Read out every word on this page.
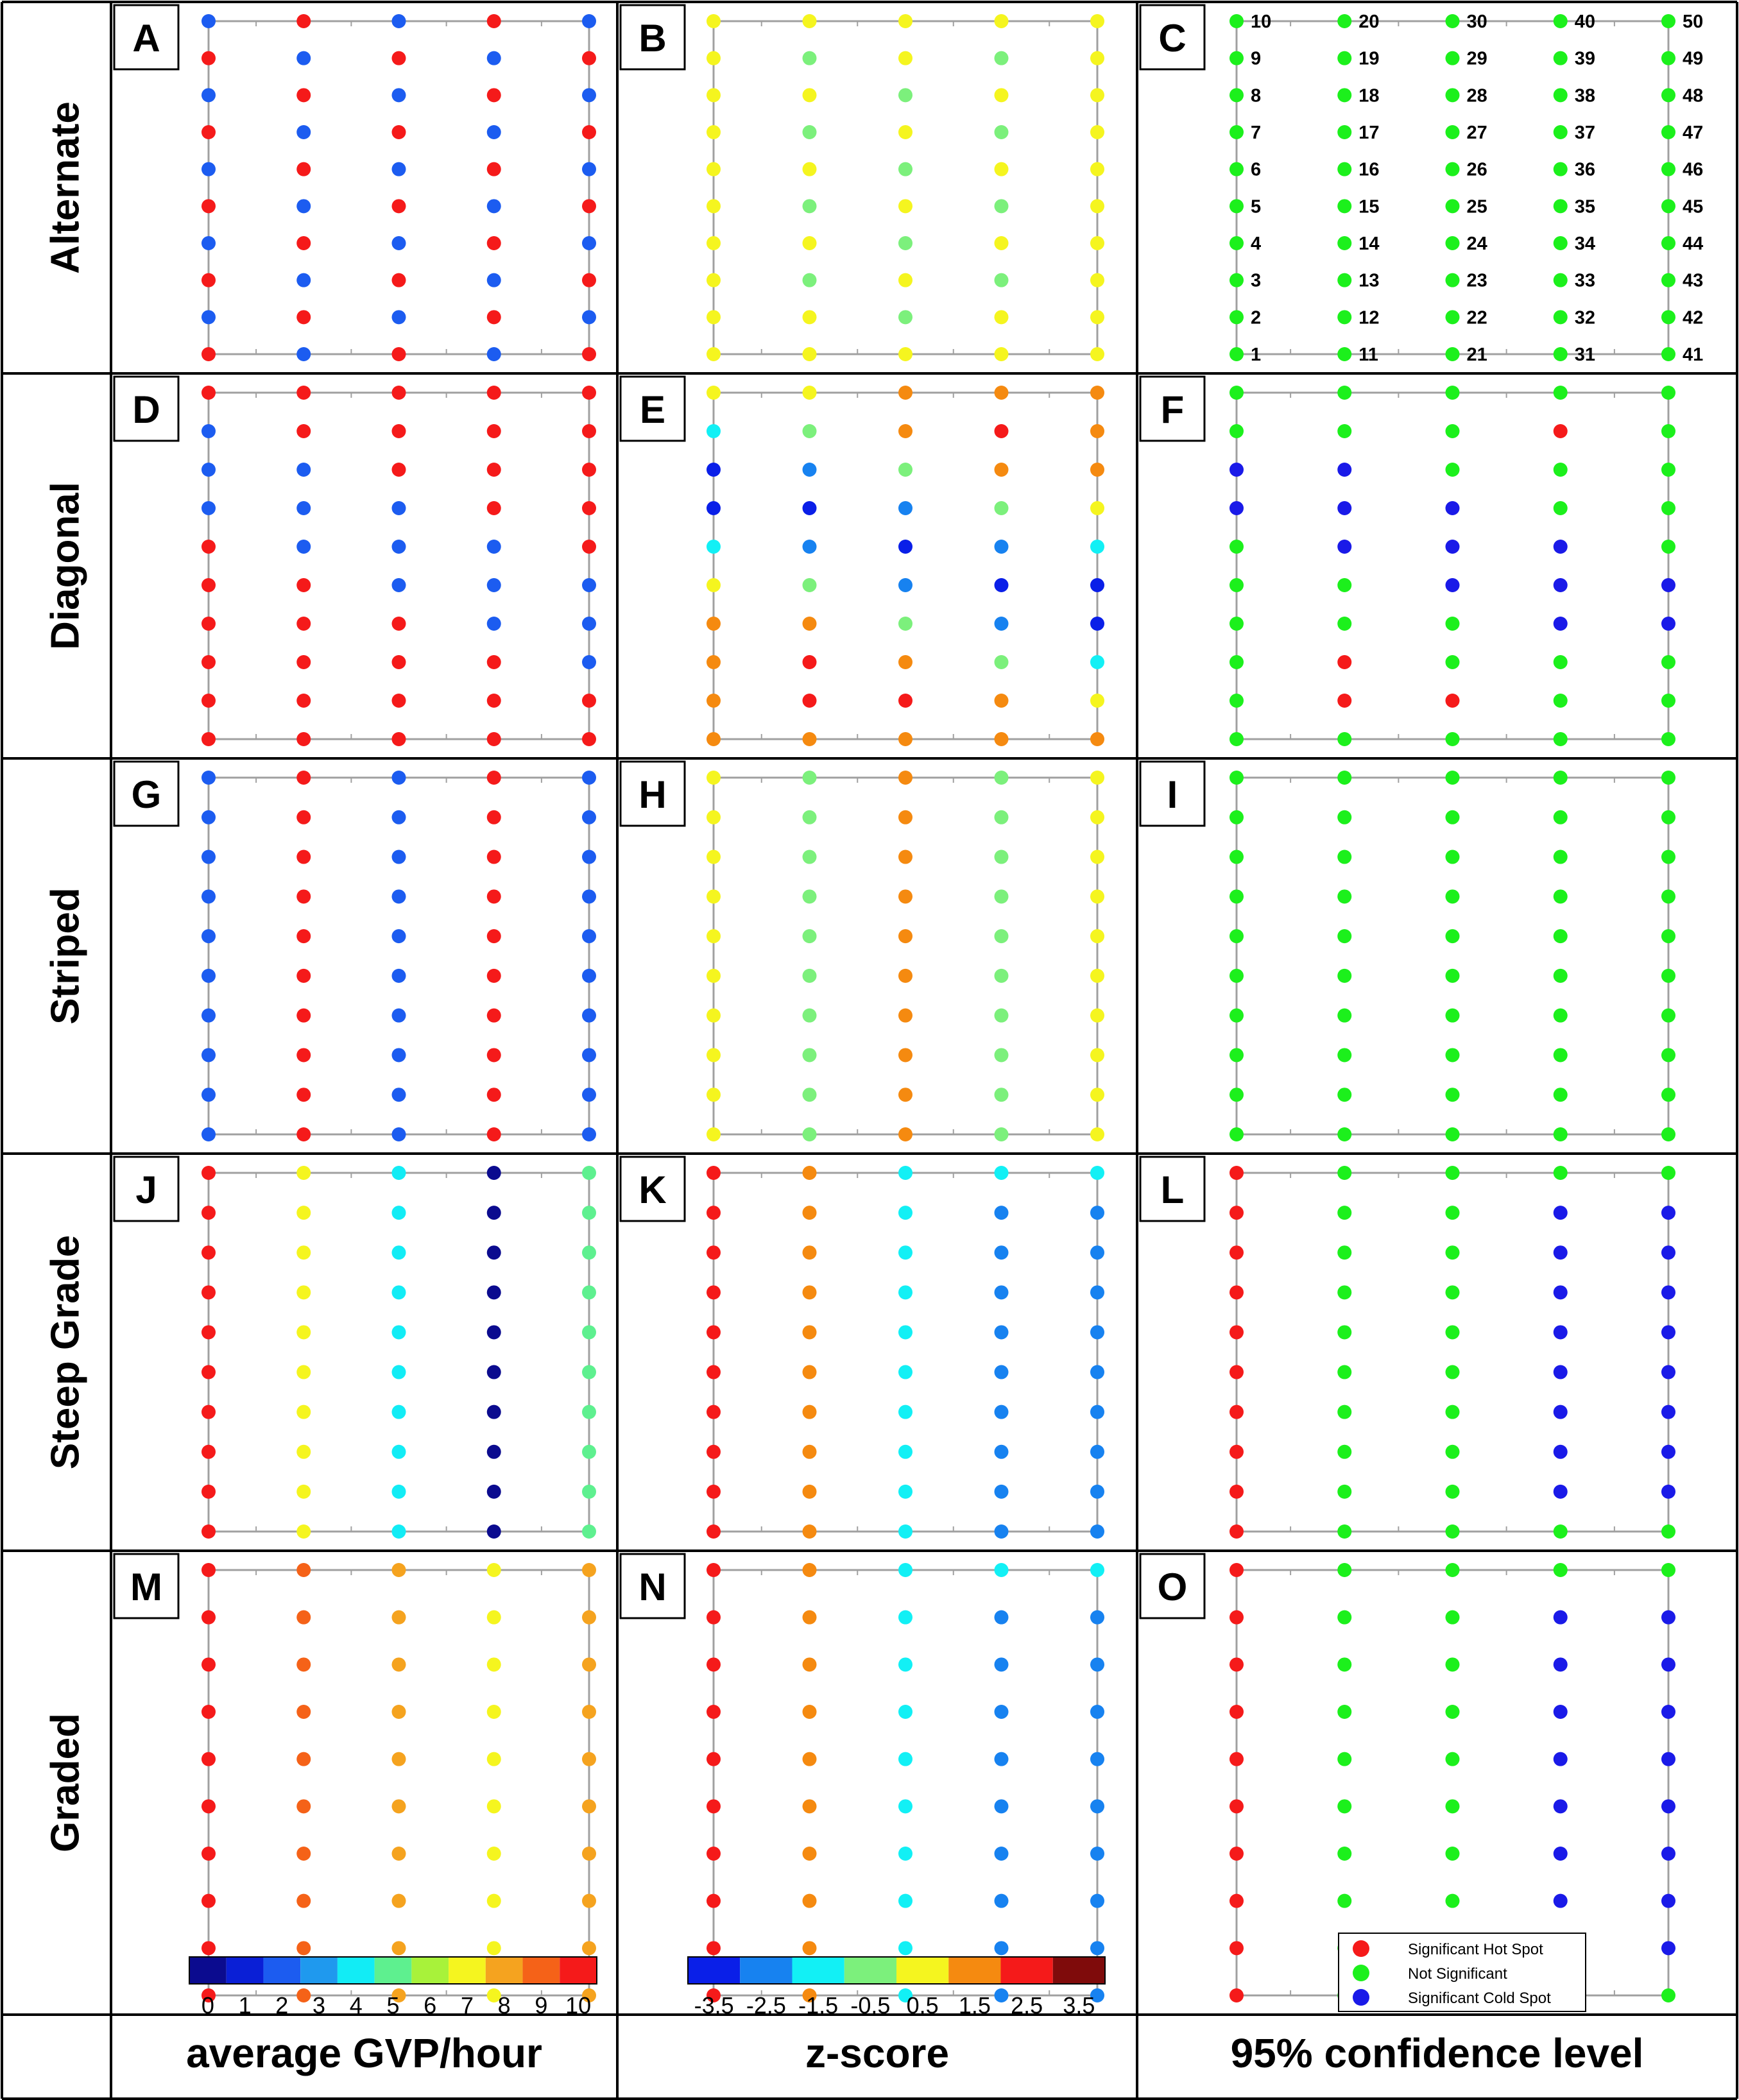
1
2
3
4
5
6
7
8
9
10
11
12
13
14
15
16
17
18
19
20
21
22
23
24
25
26
27
28
29
30
31
32
33
34
35
36
37
38
39
40
41
42
43
44
45
46
47
48
49
50
A	B	C
D	E	F
G	H	I
J	K	L
M	N	O
Alternate
Diagonal
Striped
Steep Grade
Graded
average GVP/hour	z-score	95% confidence level
0 1 2 3 4 5 6 7 8 9 10	-3.5 -2.5 -1.5 -0.5 0.5 1.5 2.5 3.5
Significant Hot Spot
Not Significant
Significant Cold Spot
